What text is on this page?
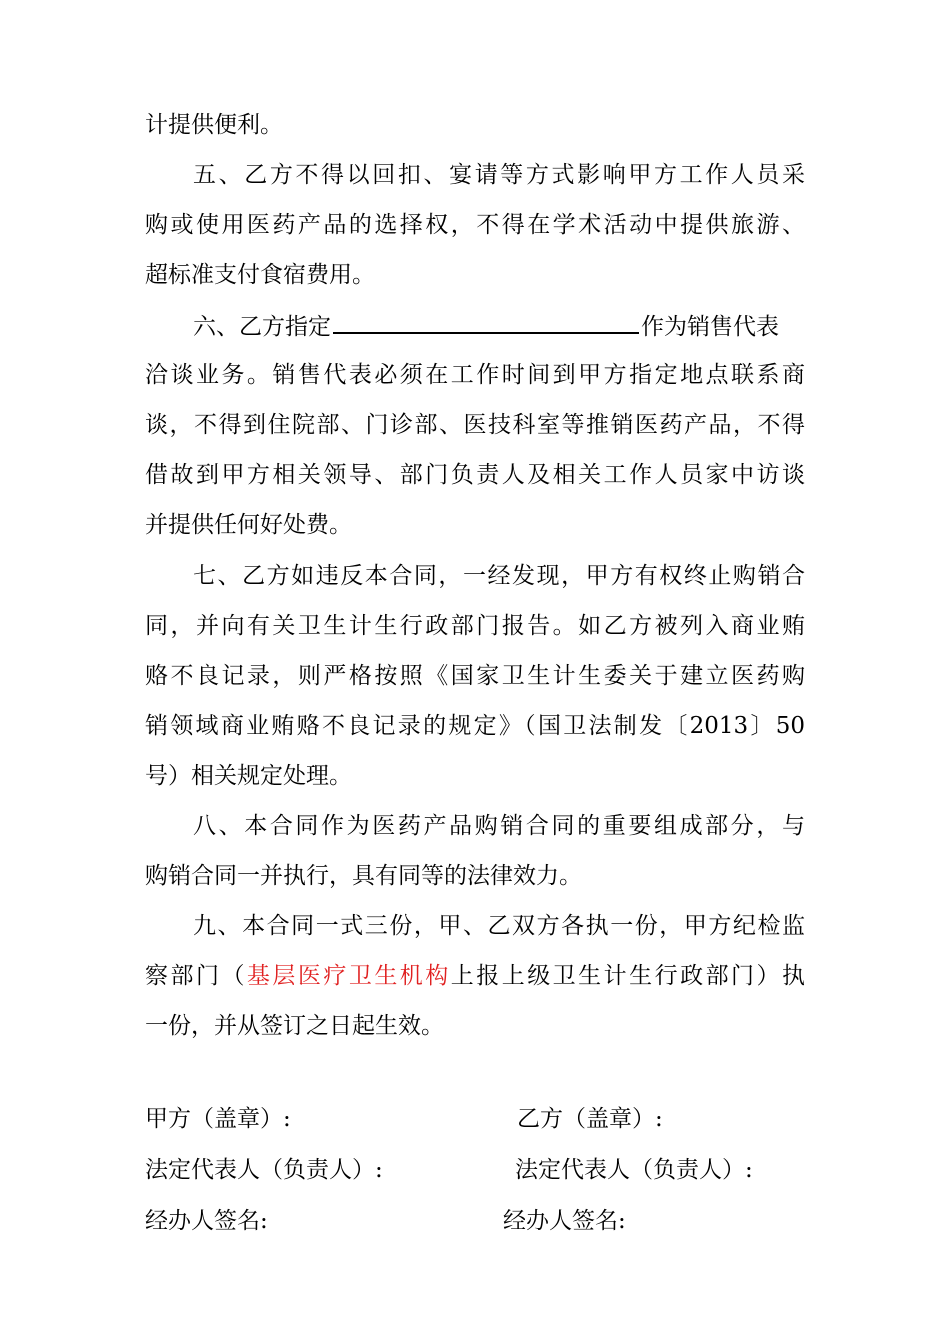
计提供便利。
五、乙方不得以回扣、宴请等方式影响甲方工作人员采
购或使用医药产品的选择权，不得在学术活动中提供旅游、
超标准支付食宿费用。
六、乙方指定	作为销售代表
洽谈业务。销售代表必须在工作时间到甲方指定地点联系商
谈，不得到住院部、门诊部、医技科室等推销医药产品，不得
借故到甲方相关领导、部门负责人及相关工作人员家中访谈
并提供任何好处费。
七、乙方如违反本合同，一经发现，甲方有权终止购销合
同，并向有关卫生计生行政部门报告。如乙方被列入商业贿
赂不良记录，则严格按照《国家卫生计生委关于建立医药购
销领域商业贿赂不良记录的规定》（国卫法制发〔2013〕50
号）相关规定处理。
八、本合同作为医药产品购销合同的重要组成部分，与
购销合同一并执行，具有同等的法律效力。
九、本合同一式三份，甲、乙双方各执一份，甲方纪检监
察部门（基层医疗卫生机构上报上级卫生计生行政部门）执
一份，并从签订之日起生效。
甲方（盖章）:	乙方（盖章）:
法定代表人（负责人）:	法定代表人（负责人）:
经办人签名:	经办人签名:
